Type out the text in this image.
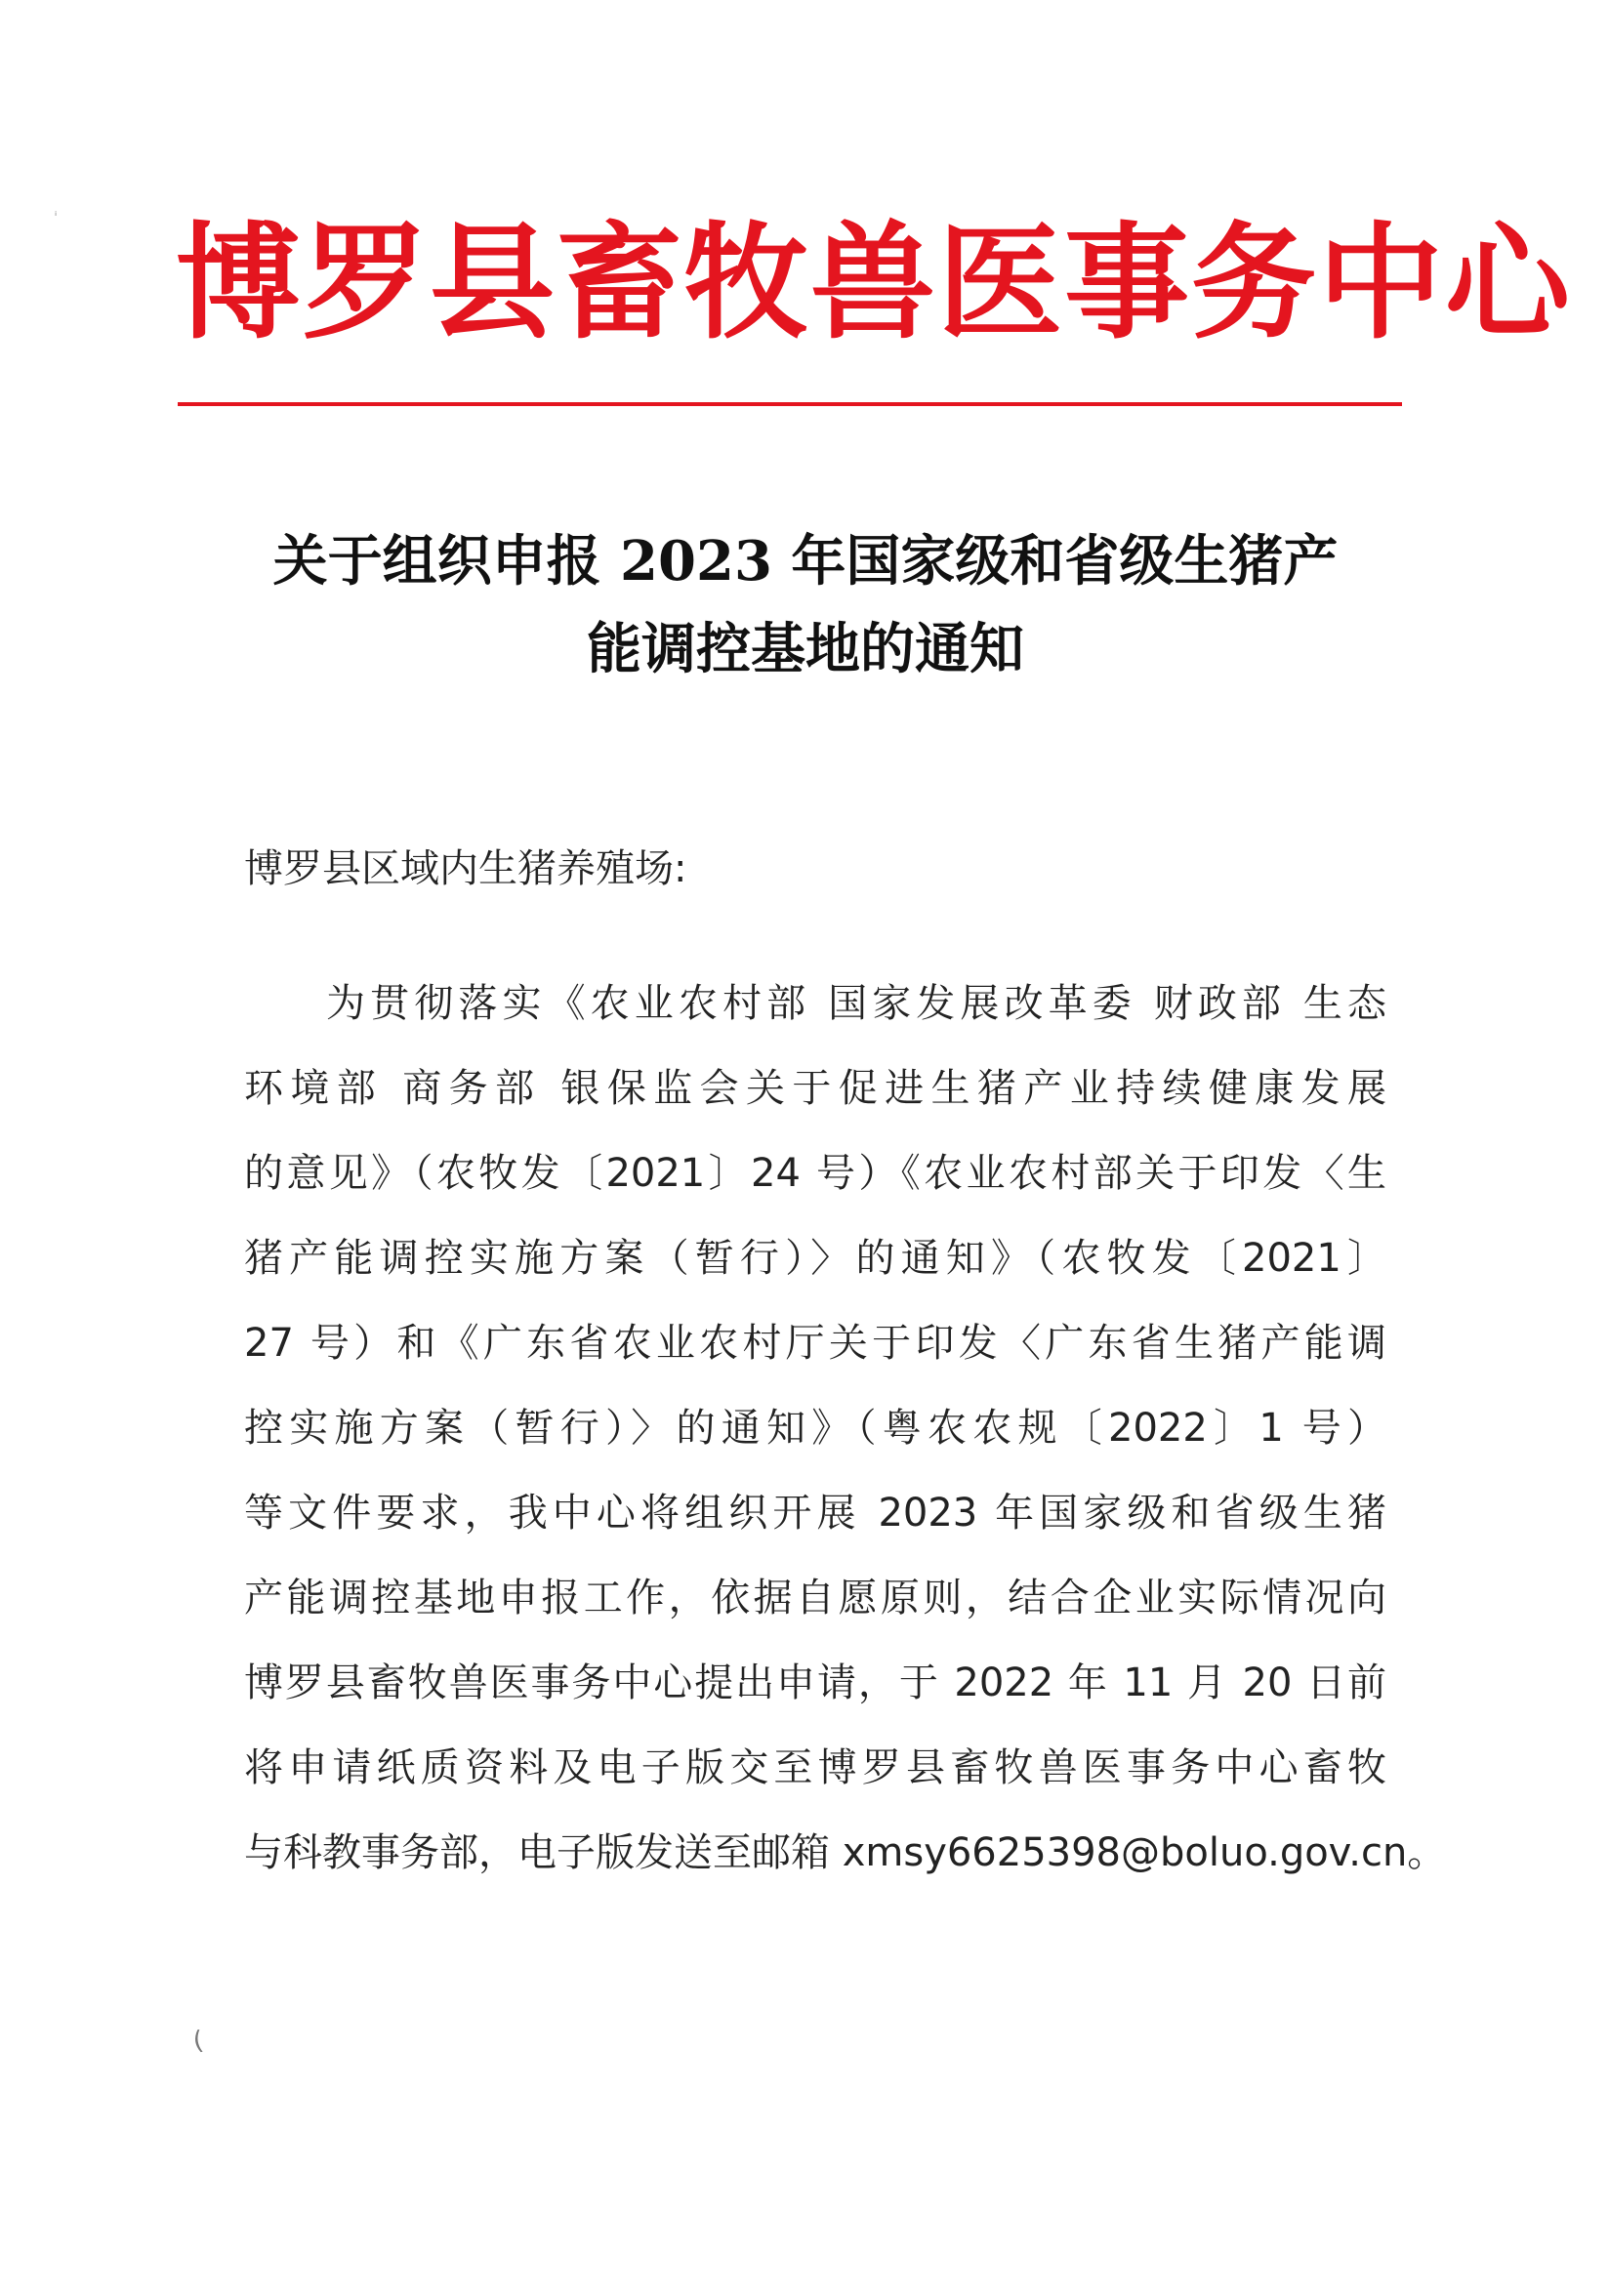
ⁱ 博罗县畜牧兽医事务中心
关于组织申报 2023 年国家级和省级生猪产
能调控基地的通知

博罗县区域内生猪养殖场:

为贯彻落实《农业农村部 国家发展改革委 财政部 生态
环境部 商务部 银保监会关于促进生猪产业持续健康发展
的意见》（农牧发〔2021〕24 号）《农业农村部关于印发〈生
猪产能调控实施方案（暂行）〉的通知》（农牧发〔2021〕
27 号）和《广东省农业农村厅关于印发〈广东省生猪产能调
控实施方案（暂行）〉的通知》（粤农农规〔2022〕1 号）
等文件要求，我中心将组织开展 2023 年国家级和省级生猪
产能调控基地申报工作，依据自愿原则，结合企业实际情况向
博罗县畜牧兽医事务中心提出申请，于 2022 年 11 月 20 日前
将申请纸质资料及电子版交至博罗县畜牧兽医事务中心畜牧
与科教事务部，电子版发送至邮箱 xmsy6625398@boluo.gov.cn。

(
